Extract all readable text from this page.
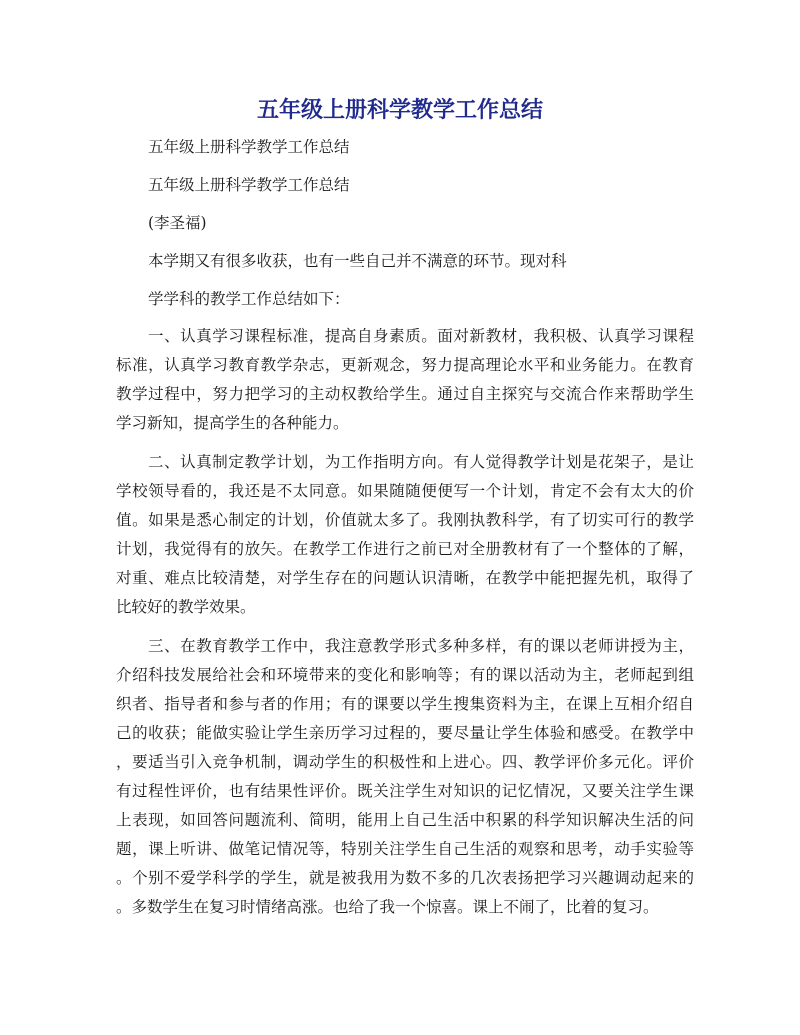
五年级上册科学教学工作总结
五年级上册科学教学工作总结
五年级上册科学教学工作总结
(李圣福)
本学期又有很多收获，也有一些自己并不满意的环节。现对科
学学科的教学工作总结如下：
一、认真学习课程标准，提高自身素质。面对新教材，我积极、认真学习课程
标准，认真学习教育教学杂志，更新观念，努力提高理论水平和业务能力。在教育
教学过程中，努力把学习的主动权教给学生。通过自主探究与交流合作来帮助学生
学习新知，提高学生的各种能力。
二、认真制定教学计划，为工作指明方向。有人觉得教学计划是花架子，是让
学校领导看的，我还是不太同意。如果随随便便写一个计划，肯定不会有太大的价
值。如果是悉心制定的计划，价值就太多了。我刚执教科学，有了切实可行的教学
计划，我觉得有的放矢。在教学工作进行之前已对全册教材有了一个整体的了解，
对重、难点比较清楚，对学生存在的问题认识清晰，在教学中能把握先机，取得了
比较好的教学效果。
三、在教育教学工作中，我注意教学形式多种多样，有的课以老师讲授为主，
介绍科技发展给社会和环境带来的变化和影响等；有的课以活动为主，老师起到组
织者、指导者和参与者的作用；有的课要以学生搜集资料为主，在课上互相介绍自
己的收获；能做实验让学生亲历学习过程的，要尽量让学生体验和感受。在教学中
，要适当引入竞争机制，调动学生的积极性和上进心。四、教学评价多元化。评价
有过程性评价，也有结果性评价。既关注学生对知识的记忆情况，又要关注学生课
上表现，如回答问题流利、简明，能用上自己生活中积累的科学知识解决生活的问
题，课上听讲、做笔记情况等，特别关注学生自己生活的观察和思考，动手实验等
。个别不爱学科学的学生，就是被我用为数不多的几次表扬把学习兴趣调动起来的
。多数学生在复习时情绪高涨。也给了我一个惊喜。课上不闹了，比着的复习。
